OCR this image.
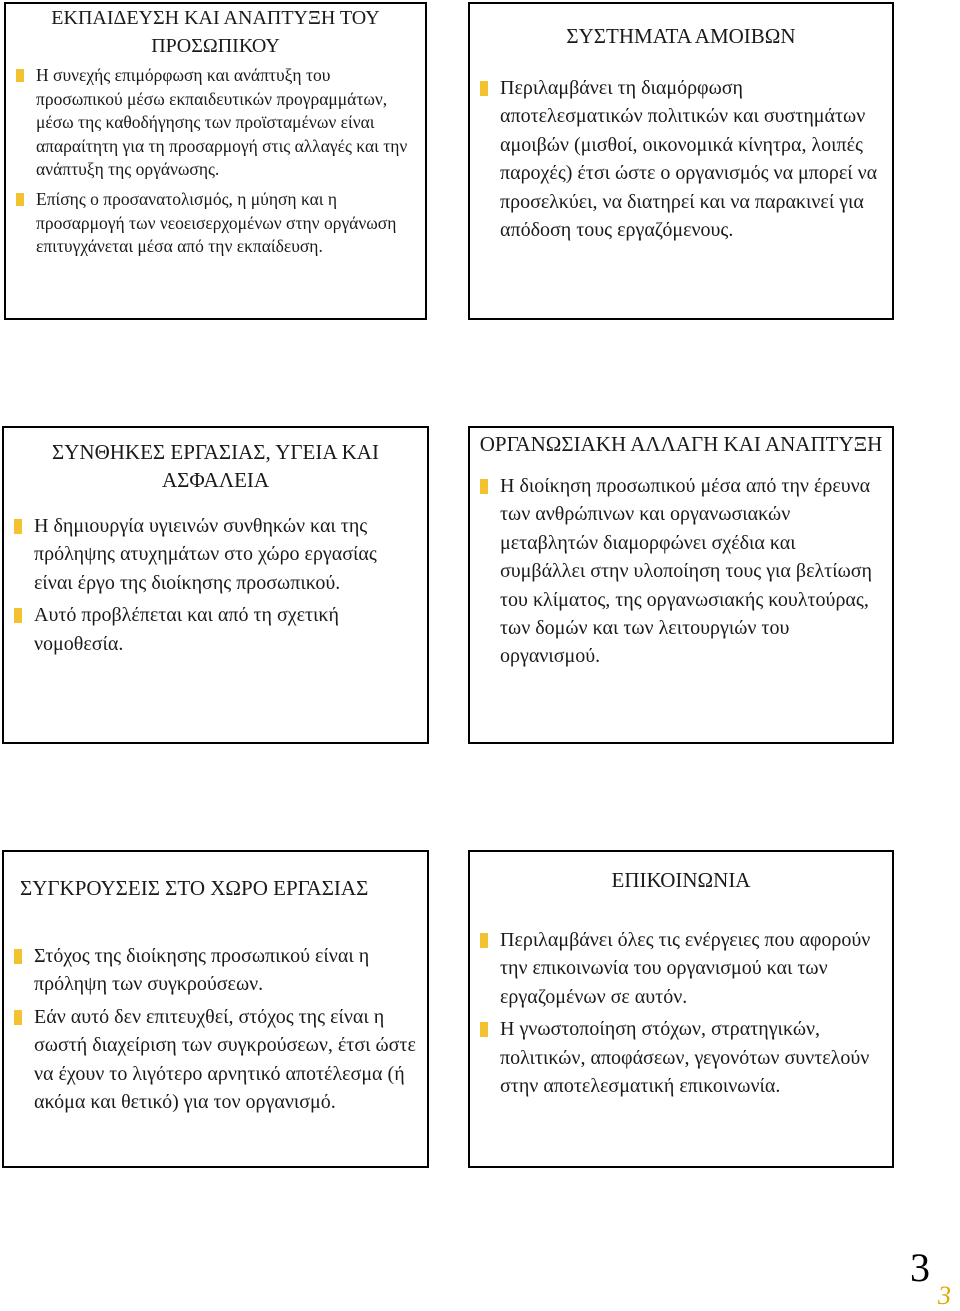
ΕΚΠΑΙΔΕΥΣΗ ΚΑΙ ΑΝΑΠΤΥΞΗ ΤΟΥ ΠΡΟΣΩΠΙΚΟΥ
Η συνεχής επιμόρφωση και ανάπτυξη του προσωπικού μέσω εκπαιδευτικών προγραμμάτων, μέσω της καθοδήγησης των προϊσταμένων είναι απαραίτητη για τη προσαρμογή στις αλλαγές και την ανάπτυξη της οργάνωσης.
Επίσης ο προσανατολισμός, η μύηση και η προσαρμογή των νεοεισερχομένων στην οργάνωση επιτυγχάνεται μέσα από την εκπαίδευση.
ΣΥΣΤΗΜΑΤΑ ΑΜΟΙΒΩΝ
Περιλαμβάνει τη διαμόρφωση αποτελεσματικών πολιτικών και συστημάτων αμοιβών (μισθοί, οικονομικά κίνητρα, λοιπές παροχές) έτσι ώστε ο οργανισμός να μπορεί να προσελκύει, να διατηρεί και να παρακινεί για απόδοση τους εργαζόμενους.
ΣΥΝΘΗΚΕΣ ΕΡΓΑΣΙΑΣ, ΥΓΕΙΑ ΚΑΙ ΑΣΦΑΛΕΙΑ
Η δημιουργία υγιεινών συνθηκών και της πρόληψης ατυχημάτων στο χώρο εργασίας είναι έργο της διοίκησης προσωπικού.
Αυτό προβλέπεται και από τη σχετική νομοθεσία.
ΟΡΓΑΝΩΣΙΑΚΗ ΑΛΛΑΓΗ ΚΑΙ ΑΝΑΠΤΥΞΗ
Η διοίκηση προσωπικού μέσα από την έρευνα των ανθρώπινων και οργανωσιακών μεταβλητών διαμορφώνει σχέδια και συμβάλλει στην υλοποίηση τους για βελτίωση του κλίματος, της οργανωσιακής κουλτούρας, των δομών και των λειτουργιών του οργανισμού.
ΣΥΓΚΡΟΥΣΕΙΣ ΣΤΟ ΧΩΡΟ ΕΡΓΑΣΙΑΣ
Στόχος της διοίκησης προσωπικού είναι η πρόληψη των συγκρούσεων.
Εάν αυτό δεν επιτευχθεί, στόχος της είναι η σωστή διαχείριση των συγκρούσεων, έτσι ώστε να έχουν το λιγότερο αρνητικό αποτέλεσμα (ή ακόμα και θετικό) για τον οργανισμό.
ΕΠΙΚΟΙΝΩΝΙΑ
Περιλαμβάνει όλες τις ενέργειες που αφορούν την επικοινωνία του οργανισμού και των εργαζομένων σε αυτόν.
Η γνωστοποίηση στόχων, στρατηγικών, πολιτικών, αποφάσεων, γεγονότων συντελούν στην αποτελεσματική επικοινωνία.
3
3
